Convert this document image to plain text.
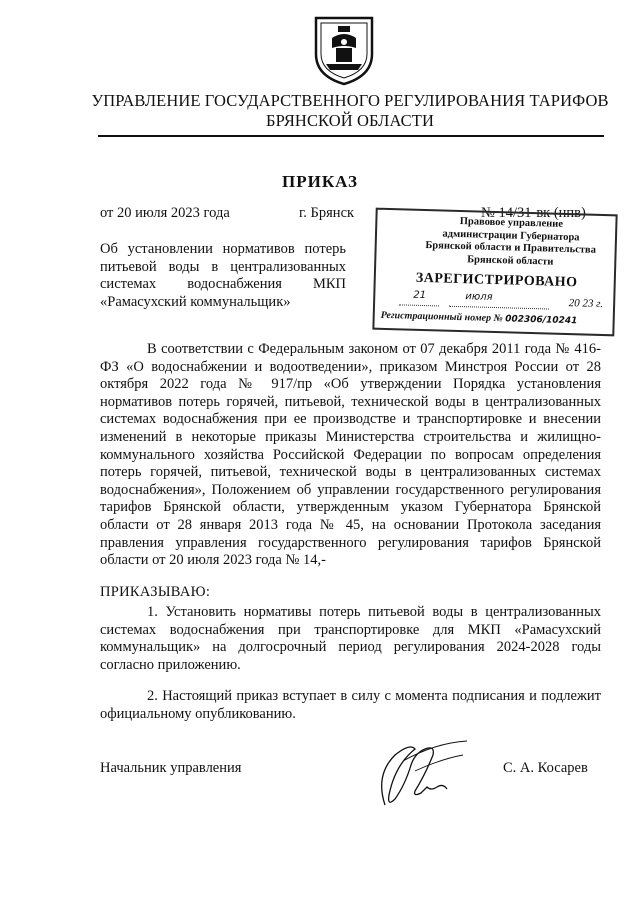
УПРАВЛЕНИЕ ГОСУДАРСТВЕННОГО РЕГУЛИРОВАНИЯ ТАРИФОВ
БРЯНСКОЙ ОБЛАСТИ
ПРИКАЗ
от 20 июля 2023 года	г. Брянск	№ 14/31-вк (нпв)
Об установлении нормативов потерь
питьевой воды в централизованных
системах водоснабжения МКП
«Рамасухский коммунальщик»
Правовое управление
администрации Губернатора
Брянской области и Правительства
Брянской области
ЗАРЕГИСТРИРОВАНО
21	июля
20 23 г.
Регистрационный номер № 002306/10241
В соответствии с Федеральным законом от 07 декабря 2011 года № 416-ФЗ «О водоснабжении и водоотведении», приказом Минстроя России от 28 октября 2022 года № 917/пр «Об утверждении Порядка установления нормативов потерь горячей, питьевой, технической воды в централизованных системах водоснабжения при ее производстве и транспортировке и внесении изменений в некоторые приказы Министерства строительства и жилищно-коммунального хозяйства Российской Федерации по вопросам определения потерь горячей, питьевой, технической воды в централизованных системах водоснабжения», Положением об управлении государственного регулирования тарифов Брянской области, утвержденным указом Губернатора Брянской области от 28 января 2013 года № 45, на основании Протокола заседания правления управления государственного регулирования тарифов Брянской области от 20 июля 2023 года № 14,-
ПРИКАЗЫВАЮ:
1. Установить нормативы потерь питьевой воды в централизованных системах водоснабжения при транспортировке для МКП «Рамасухский коммунальщик» на долгосрочный период регулирования 2024-2028 годы согласно приложению.
2. Настоящий приказ вступает в силу с момента подписания и подлежит официальному опубликованию.
Начальник управления	С. А. Косарев
